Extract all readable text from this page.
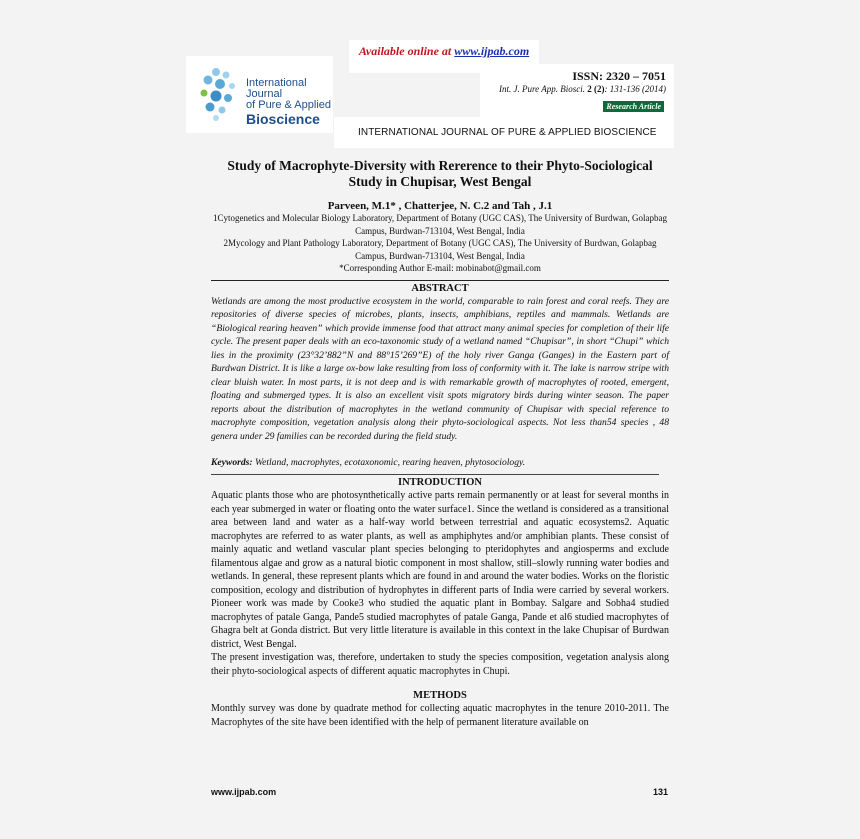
Available online at www.ijpab.com
International Journal
of Pure & Applied
Bioscience
ISSN: 2320 – 7051
Int. J. Pure App. Biosci. 2 (2): 131-136 (2014)
Research Article
INTERNATIONAL JOURNAL OF PURE & APPLIED BIOSCIENCE
Study of Macrophyte-Diversity with Rererence to their Phyto-Sociological Study in Chupisar, West Bengal
Parveen, M.1* , Chatterjee, N. C.2 and Tah , J.1
1Cytogenetics and Molecular Biology Laboratory, Department of Botany (UGC CAS), The University of Burdwan, Golapbag Campus, Burdwan-713104, West Bengal, India
2Mycology and Plant Pathology Laboratory, Department of Botany (UGC CAS), The University of Burdwan, Golapbag Campus, Burdwan-713104, West Bengal, India
*Corresponding Author E-mail: mobinabot@gmail.com
ABSTRACT

Wetlands are among the most productive ecosystem in the world, comparable to rain forest and coral reefs. They are repositories of diverse species of microbes, plants, insects, amphibians, reptiles and mammals. Wetlands are “Biological rearing heaven” which provide immense food that attract many animal species for completion of their life cycle. The present paper deals with an eco-taxonomic study of a wetland named “Chupisar”, in short “Chupi” which lies in the proximity (23°32’882”N and 88°15’269”E) of the holy river Ganga (Ganges) in the Eastern part of Burdwan District. It is like a large ox-bow lake resulting from loss of conformity with it. The lake is narrow stripe with clear bluish water. In most parts, it is not deep and is with remarkable growth of macrophytes of rooted, emergent, floating and submerged types. It is also an excellent visit spots migratory birds during winter season. The paper reports about the distribution of macrophytes in the wetland community of Chupisar with special reference to macrophyte composition, vegetation analysis along their phyto-sociological aspects. Not less than54 species , 48 genera under 29 families can be recorded during the field study.

Keywords: Wetland, macrophytes, ecotaxonomic, rearing heaven, phytosociology.
INTRODUCTION

Aquatic plants those who are photosynthetically active parts remain permanently or at least for several months in each year submerged in water or floating onto the water surface1. Since the wetland is considered as a transitional area between land and water as a half-way world between terrestrial and aquatic ecosystems2. Aquatic macrophytes are referred to as water plants, as well as amphiphytes and/or amphibian plants. These consist of mainly aquatic and wetland vascular plant species belonging to pteridophytes and angiosperms and exclude filamentous algae and grow as a natural biotic component in most shallow, still–slowly running water bodies and wetlands. In general, these represent plants which are found in and around the water bodies. Works on the floristic composition, ecology and distribution of hydrophytes in different parts of India were carried by several workers. Pioneer work was made by Cooke3 who studied the aquatic plant in Bombay. Salgare and Sobha4 studied macrophytes of patale Ganga, Pande5 studied macrophytes of patale Ganga, Pande et al6 studied macrophytes of Ghagra belt at Gonda district. But very little literature is available in this context in the lake Chupisar of Burdwan district, West Bengal.

The present investigation was, therefore, undertaken to study the species composition, vegetation analysis along their phyto-sociological aspects of different aquatic macrophytes in Chupi.

METHODS

Monthly survey was done by quadrate method for collecting aquatic macrophytes in the tenure 2010-2011. The Macrophytes of the site have been identified with the help of permanent literature available on

www.ijpab.com	131
